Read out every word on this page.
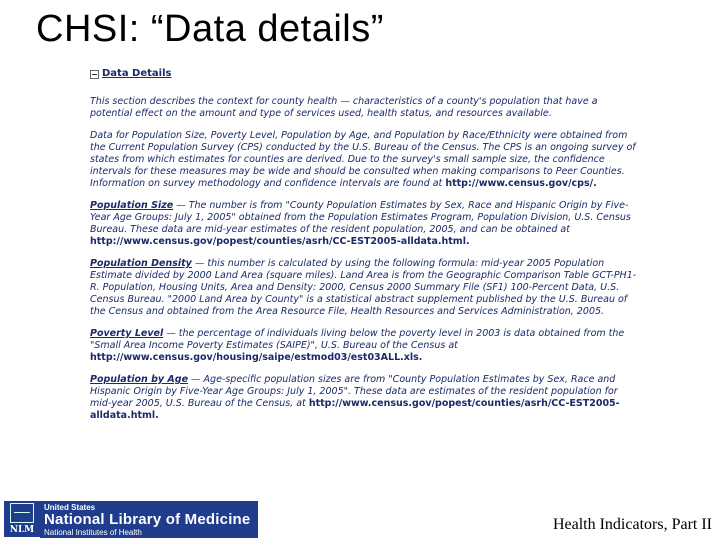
CHSI: “Data details”
Data Details

This section describes the context for county health — characteristics of a county's population that have a potential effect on the amount and type of services used, health status, and resources available.

Data for Population Size, Poverty Level, Population by Age, and Population by Race/Ethnicity were obtained from the Current Population Survey (CPS) conducted by the U.S. Bureau of the Census. The CPS is an ongoing survey of states from which estimates for counties are derived. Due to the survey's small sample size, the confidence intervals for these measures may be wide and should be consulted when making comparisons to Peer Counties. Information on survey methodology and confidence intervals are found at http://www.census.gov/cps/.

Population Size — The number is from "County Population Estimates by Sex, Race and Hispanic Origin by Five-Year Age Groups: July 1, 2005" obtained from the Population Estimates Program, Population Division, U.S. Census Bureau. These data are mid-year estimates of the resident population, 2005, and can be obtained at http://www.census.gov/popest/counties/asrh/CC-EST2005-alldata.html.

Population Density — this number is calculated by using the following formula: mid-year 2005 Population Estimate divided by 2000 Land Area (square miles). Land Area is from the Geographic Comparison Table GCT-PH1-R. Population, Housing Units, Area and Density: 2000, Census 2000 Summary File (SF1) 100-Percent Data, U.S. Census Bureau. "2000 Land Area by County" is a statistical abstract supplement published by the U.S. Bureau of the Census and obtained from the Area Resource File, Health Resources and Services Administration, 2005.

Poverty Level — the percentage of individuals living below the poverty level in 2003 is data obtained from the "Small Area Income Poverty Estimates (SAIPE)", U.S. Bureau of the Census at http://www.census.gov/housing/saipe/estmod03/est03ALL.xls.

Population by Age — Age-specific population sizes are from "County Population Estimates by Sex, Race and Hispanic Origin by Five-Year Age Groups: July 1, 2005". These data are estimates of the resident population for mid-year 2005, U.S. Bureau of the Census, at http://www.census.gov/popest/counties/asrh/CC-EST2005-alldata.html.

NLM
United States
National Library of Medicine
National Institutes of Health	Health Indicators, Part II
